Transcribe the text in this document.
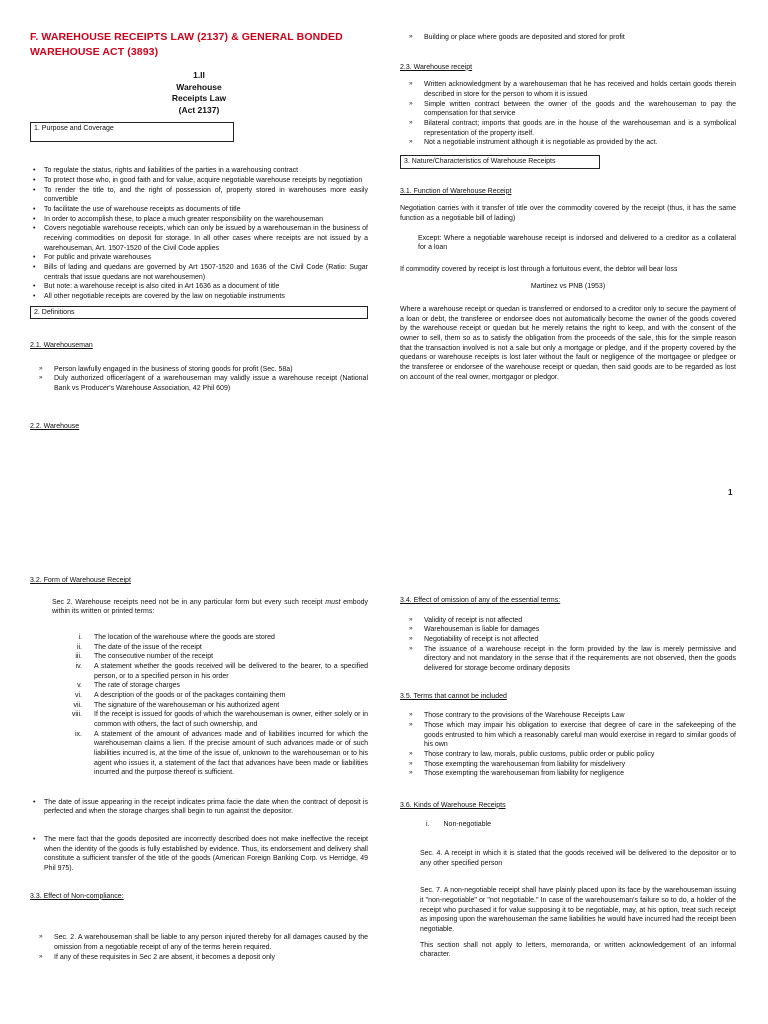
F. WAREHOUSE RECEIPTS LAW (2137) & GENERAL BONDED WAREHOUSE ACT (3893)
1.II
Warehouse
Receipts Law
(Act 2137)
1. Purpose and Coverage
• To regulate the status, rights and liabilities of the parties in a warehousing contract
• To protect those who, in good faith and for value, acquire negotiable warehouse receipts by negotiation
• To render the title to, and the right of possession of, property stored in warehouses more easily convertible
• To facilitate the use of warehouse receipts as documents of title
• In order to accomplish these, to place a much greater responsibility on the warehouseman
• Covers negotiable warehouse receipts, which can only be issued by a warehouseman in the business of receiving commodities on deposit for storage. In all other cases where receipts are not issued by a warehouseman, Art. 1507-1520 of the Civil Code applies
• For public and private warehouses
• Bills of lading and quedans are governed by Art 1507-1520 and 1636 of the Civil Code (Ratio: Sugar centrals that issue quedans are not warehousemen)
• But note: a warehouse receipt is also cited in Art 1636 as a document of title
• All other negotiable receipts are covered by the law on negotiable instruments
2. Definitions
2.1. Warehouseman
» Person lawfully engaged in the business of storing goods for profit (Sec. 58a)
» Duly authorized officer/agent of a warehouseman may validly issue a warehouse receipt (National Bank vs Producer's Warehouse Association, 42 Phil 609)
2.2. Warehouse
» Building or place where goods are deposited and stored for profit
2.3. Warehouse receipt
» Written acknowledgment by a warehouseman that he has received and holds certain goods therein described in store for the person to whom it is issued
» Simple written contract between the owner of the goods and the warehouseman to pay the compensation for that service
» Bilateral contract; imports that goods are in the house of the warehouseman and is a symbolical representation of the property itself.
» Not a negotiable instrument although it is negotiable as provided by the act.
3. Nature/Characteristics of Warehouse Receipts
3.1. Function of Warehouse Receipt
Negotiation carries with it transfer of title over the commodity covered by the receipt (thus, it has the same function as a negotiable bill of lading)
Except: Where a negotiable warehouse receipt is indorsed and delivered to a creditor as a collateral for a loan
If commodity covered by receipt is lost through a fortuitous event, the debtor will bear loss
Martinez vs PNB (1953)
Where a warehouse receipt or quedan is transferred or endorsed to a creditor only to secure the payment of a loan or debt, the transferee or endorsee does not automatically become the owner of the goods covered by the warehouse receipt or quedan but he merely retains the right to keep, and with the consent of the owner to sell, them so as to satisfy the obligation from the proceeds of the sale, this for the simple reason that the transaction involved is not a sale but only a mortgage or pledge, and if the property covered by the quedans or warehouse receipts is lost later without the fault or negligence of the mortgagee or pledgee or the transferee or endorsee of the warehouse receipt or quedan, then said goods are to be regarded as lost on account of the real owner, mortgagor or pledgor.
1
3.2. Form of Warehouse Receipt
Sec 2. Warehouse receipts need not be in any particular form but every such receipt must embody within its written or printed terms:
i. The location of the warehouse where the goods are stored
ii. The date of the issue of the receipt
iii. The consecutive number of the receipt
iv. A statement whether the goods received will be delivered to the bearer, to a specified person, or to a specified person in his order
v. The rate of storage charges
vi. A description of the goods or of the packages containing them
vii. The signature of the warehouseman or his authorized agent
viii. If the receipt is issued for goods of which the warehouseman is owner, either solely or in common with others, the fact of such ownership, and
ix. A statement of the amount of advances made and of liabilities incurred for which the warehouseman claims a lien. If the precise amount of such advances made or of such liabilities incurred is, at the time of the issue of, unknown to the warehouseman or to his agent who issues it, a statement of the fact that advances have been made or liabilities incurred and the purpose thereof is sufficient.
• The date of issue appearing in the receipt indicates prima facie the date when the contract of deposit is perfected and when the storage charges shall begin to run against the depositor.
• The mere fact that the goods deposited are incorrectly described does not make ineffective the receipt when the identity of the goods is fully established by evidence. Thus, its endorsement and delivery shall constitute a sufficient transfer of the title of the goods (American Foreign Banking Corp. vs Herridge, 49 Phil 975).
3.3. Effect of Non-compliance:
» Sec. 2. A warehouseman shall be liable to any person injured thereby for all damages caused by the omission from a negotiable receipt of any of the terms herein required.
» If any of these requisites in Sec 2 are absent, it becomes a deposit only
3.4. Effect of omission of any of the essential terms:
» Validity of receipt is not affected
» Warehouseman is liable for damages
» Negotiability of receipt is not affected
» The issuance of a warehouse receipt in the form provided by the law is merely permissive and directory and not mandatory in the sense that if the requirements are not observed, then the goods delivered for storage become ordinary deposits
3.5. Terms that cannot be included
» Those contrary to the provisions of the Warehouse Receipts Law
» Those which may impair his obligation to exercise that degree of care in the safekeeping of the goods entrusted to him which a reasonably careful man would exercise in regard to similar goods of his own
» Those contrary to law, morals, public customs, public order or public policy
» Those exempting the warehouseman from liability for misdelivery
» Those exempting the warehouseman from liability for negligence
3.6. Kinds of Warehouse Receipts
i. Non-negotiable
Sec. 4. A receipt in which it is stated that the goods received will be delivered to the depositor or to any other specified person
Sec. 7. A non-negotiable receipt shall have plainly placed upon its face by the warehouseman issuing it "non-negotiable" or "not negotiable." In case of the warehouseman's failure so to do, a holder of the receipt who purchased it for value supposing it to be negotiable, may, at his option, treat such receipt as imposing upon the warehouseman the same liabilities he would have incurred had the receipt been negotiable.
This section shall not apply to letters, memoranda, or written acknowledgement of an informal character.
